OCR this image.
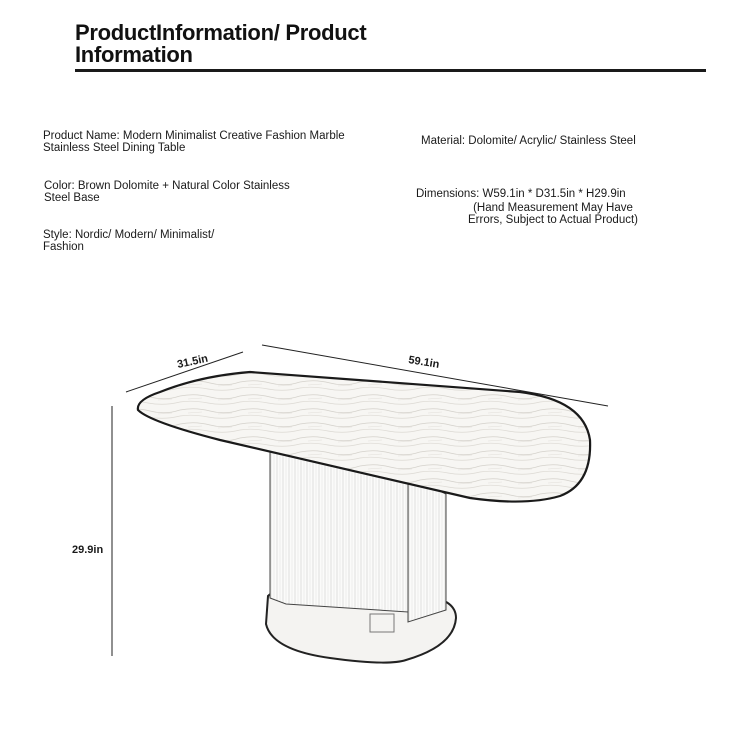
ProductInformation/ Product Information
Product Name: Modern Minimalist Creative Fashion Marble Stainless Steel Dining Table
Material: Dolomite/ Acrylic/ Stainless Steel
Color: Brown Dolomite + Natural Color Stainless Steel Base	Dimensions: W59.1in * D31.5in * H29.9in
(Hand Measurement May Have Errors, Subject to Actual Product)
Style: Nordic/ Modern/ Minimalist/ Fashion
31.5in	59.1in
29.9in
